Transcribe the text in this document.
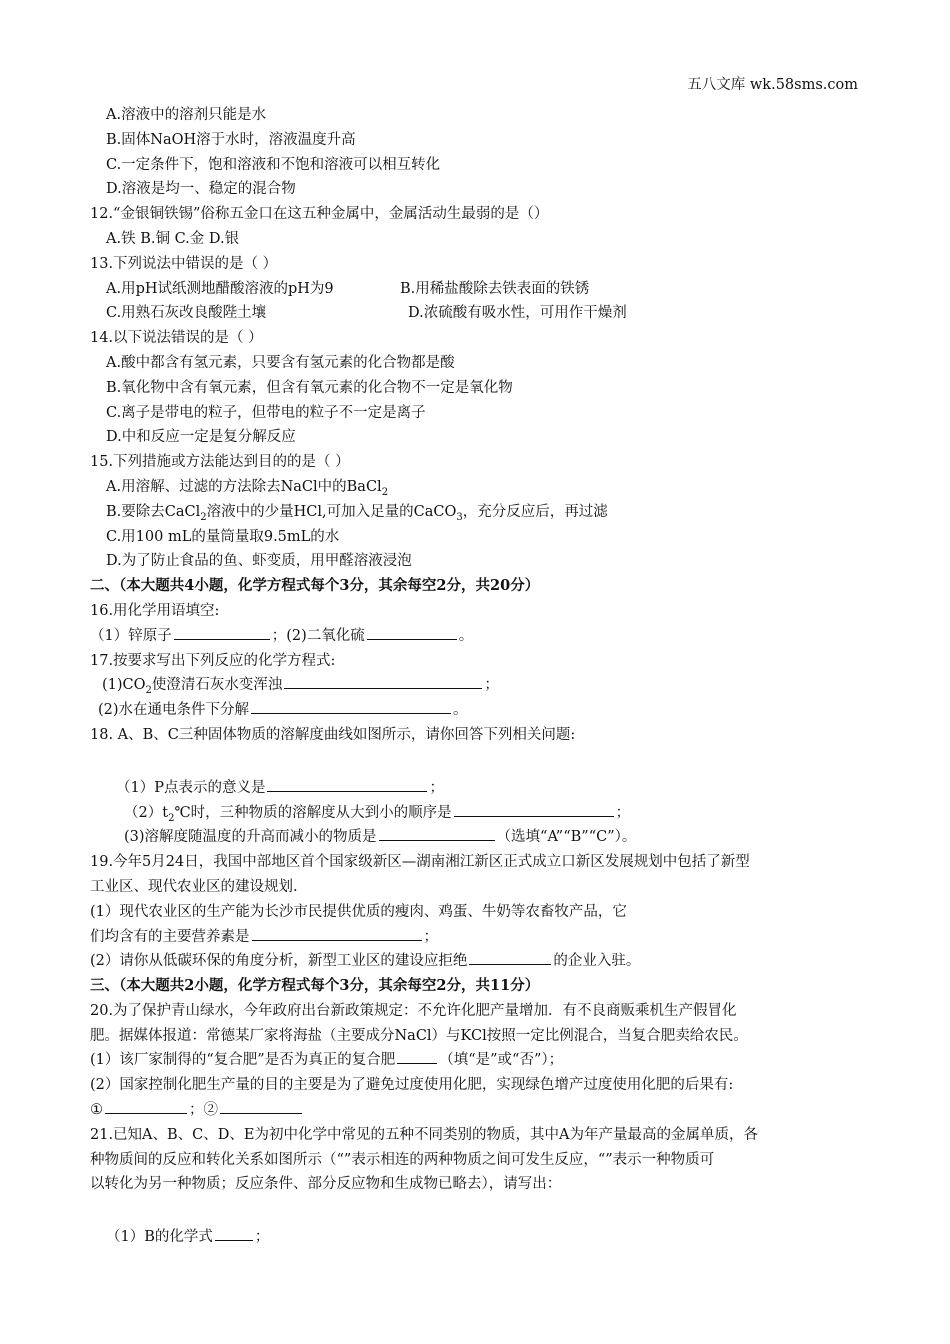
五八文库 wk.58sms.com
A.溶液中的溶剂只能是水
B.固体NaOH溶于水时，溶液温度升高
C.一定条件下，饱和溶液和不饱和溶液可以相互转化
D.溶液是均一、稳定的混合物
12.“金银铜铁锡”俗称五金口在这五种金属中，金属活动生最弱的是（）
A.铁 B.铜 C.金 D.银
13.下列说法中错误的是（ ）
A.用pH试纸测地醋酸溶液的pH为9	B.用稀盐酸除去铁表面的铁锈
C.用熟石灰改良酸陛土壤	D.浓硫酸有吸水性，可用作干燥剂
14.以下说法错误的是（ ）
A.酸中都含有氢元素，只要含有氢元素的化合物都是酸
B.氧化物中含有氧元素，但含有氧元素的化合物不一定是氧化物
C.离子是带电的粒子，但带电的粒子不一定是离子
D.中和反应一定是复分解反应
15.下列措施或方法能达到目的的是（ ）
A.用溶解、过滤的方法除去NaCl中的BaCl$_2$
B.要除去CaCl$_2$溶液中的少量HCl,可加入足量的CaCO$_3$，充分反应后，再过滤
C.用100 mL的量筒量取9.5mL的水
D.为了防止食品的鱼、虾变质，用甲醛溶液浸泡
二、（本大题共4小题，化学方程式每个3分，其余每空2分，共20分）
16.用化学用语填空:
（1）锌原子	；(2)二氧化硫	。
17.按要求写出下列反应的化学方程式:
$(1)CO_2$使澄清石灰水变浑浊	；
(2)水在通电条件下分解	。
18. A、B、C三种固体物质的溶解度曲线如图所示，请你回答下列相关问题:
（1）P点表示的意义是	；
$(2)t_2℃$时，三种物质的溶解度从大到小的顺序是	；
(3)溶解度随温度的升高而减小的物质是	（选填“A”“B”“C”）。
19.今年5月24日，我国中部地区首个国家级新区—湖南湘江新区正式成立口新区发展规划中包括了新型
工业区、现代农业区的建设规划.
(1）现代农业区的生产能为长沙市民提供优质的瘦肉、鸡蛋、牛奶等农畜牧产品，它
们均含有的主要营养素是	；
(2）请你从低碳环保的角度分析，新型工业区的建设应拒绝	的企业入驻。
三、（本大题共2小题，化学方程式每个3分，其余每空2分，共11分）
20.为了保护青山绿水，今年政府出台新政策规定：不允许化肥产量增加．有不良商贩乘机生产假冒化
肥。据媒体报道：常德某厂家将海盐（主要成分NaCl）与KCl按照一定比例混合，当复合肥卖给农民。
(1）该厂家制得的“复合肥”是否为真正的复合肥	（填“是”或“否”）；
(2）国家控制化肥生产量的目的主要是为了避免过度使用化肥，实现绿色增产过度使用化肥的后果有:
①	；②
21.已知A、B、C、D、E为初中化学中常见的五种不同类别的物质，其中A为年产量最高的金属单质，各
种物质间的反应和转化关系如图所示（“”表示相连的两种物质之间可发生反应，“”表示一种物质可
以转化为另一种物质；反应条件、部分反应物和生成物已略去），请写出：
（1）B的化学式	；
